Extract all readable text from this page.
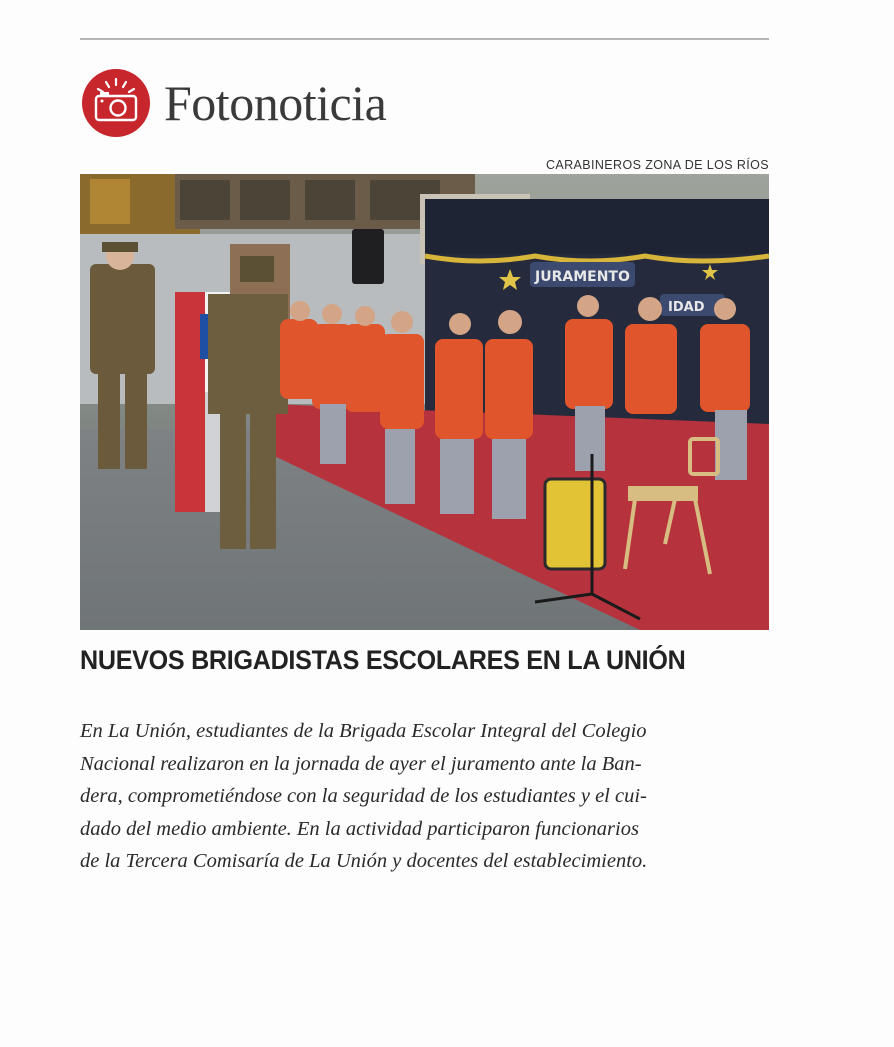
Fotonoticia
CARABINEROS ZONA DE LOS RÍOS
JURAMENTO
IDAD
NUEVOS BRIGADISTAS ESCOLARES EN LA UNIÓN
En La Unión, estudiantes de la Brigada Escolar Integral del Colegio
Nacional realizaron en la jornada de ayer el juramento ante la Ban-
dera, comprometiéndose con la seguridad de los estudiantes y el cui-
dado del medio ambiente. En la actividad participaron funcionarios
de la Tercera Comisaría de La Unión y docentes del establecimiento.
